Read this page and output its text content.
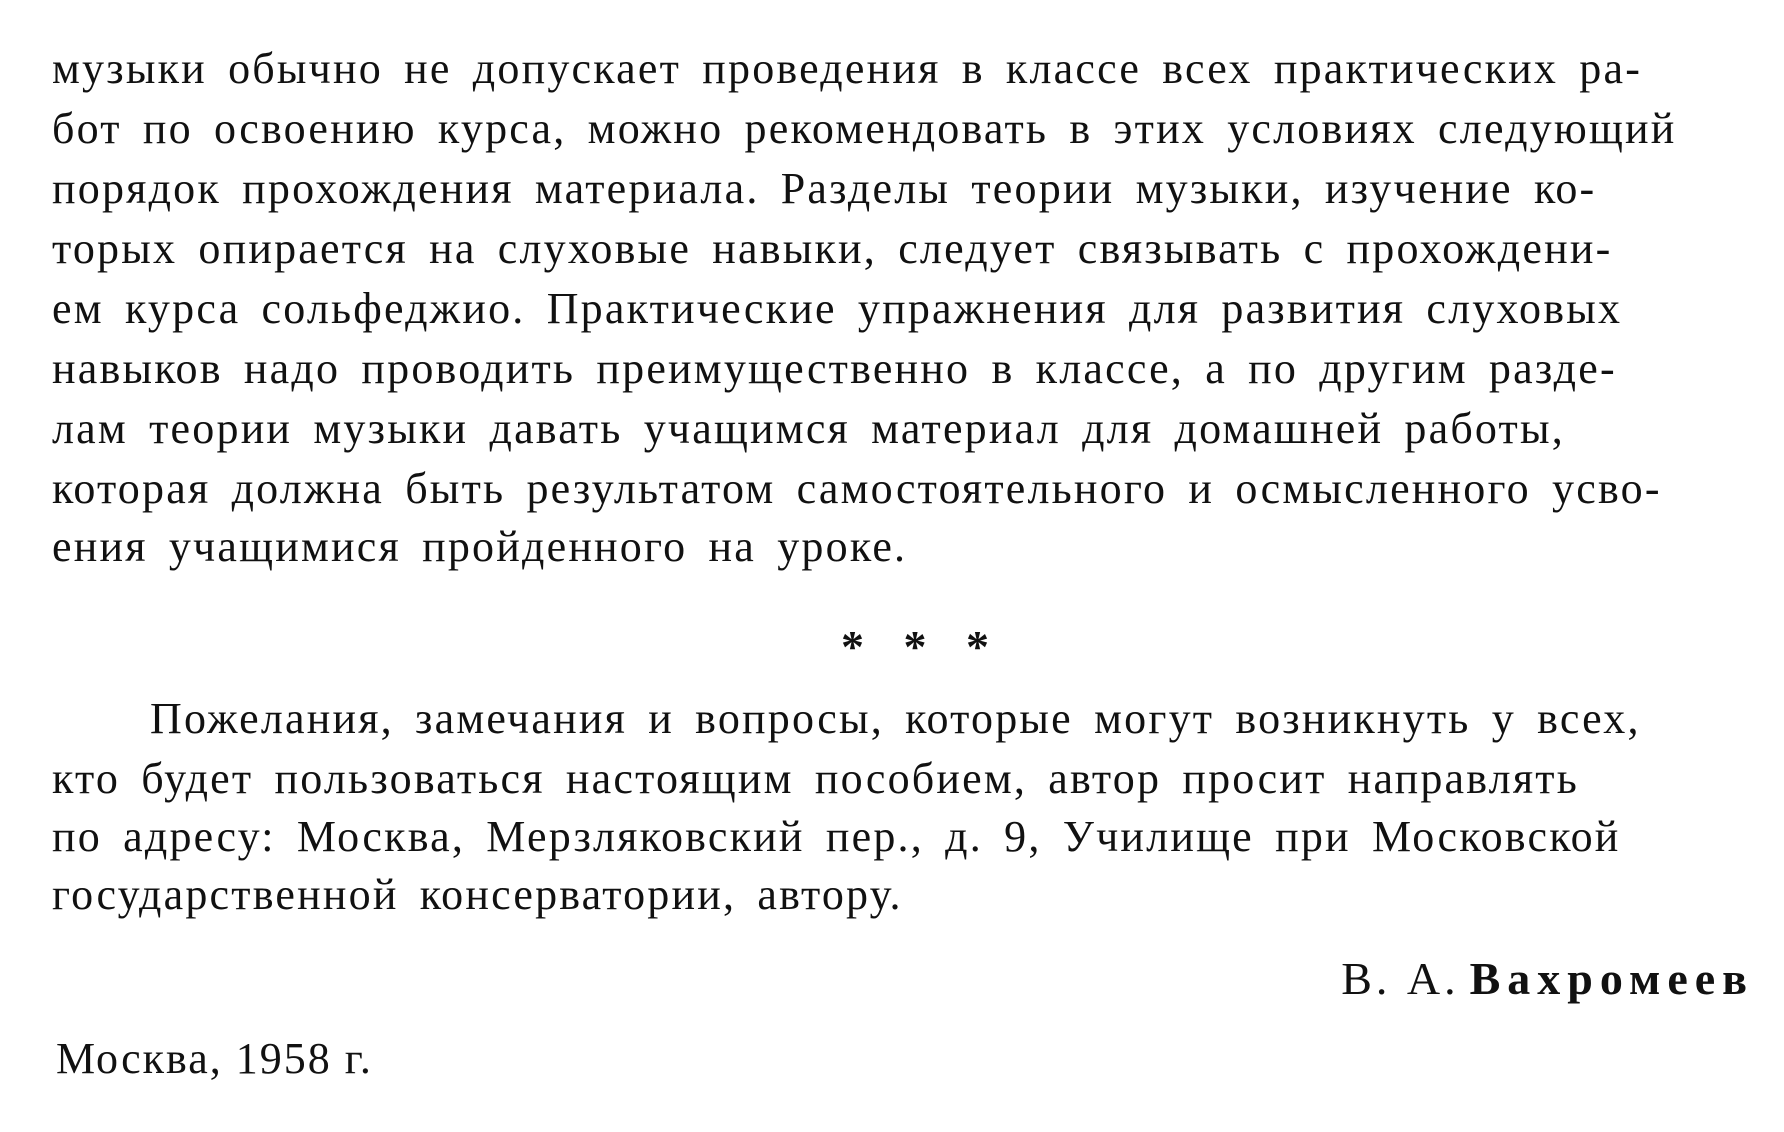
музыки обычно не допускает проведения в классе всех практических ра-
бот по освоению курса, можно рекомендовать в этих условиях следующий
порядок прохождения материала. Разделы теории музыки, изучение ко-
торых опирается на слуховые навыки, следует связывать с прохождени-
ем курса сольфеджио. Практические упражнения для развития слуховых
навыков надо проводить преимущественно в классе, а по другим разде-
лам теории музыки давать учащимся материал для домашней работы,
которая должна быть результатом самостоятельного и осмысленного усво-
ения учащимися пройденного на уроке.
* * *
Пожелания, замечания и вопросы, которые могут возникнуть у всех,
кто будет пользоваться настоящим пособием, автор просит направлять
по адресу: Москва, Мерзляковский пер., д. 9, Училище при Московской
государственной консерватории, автору.
В. А. Вахромеев
Москва, 1958 г.
